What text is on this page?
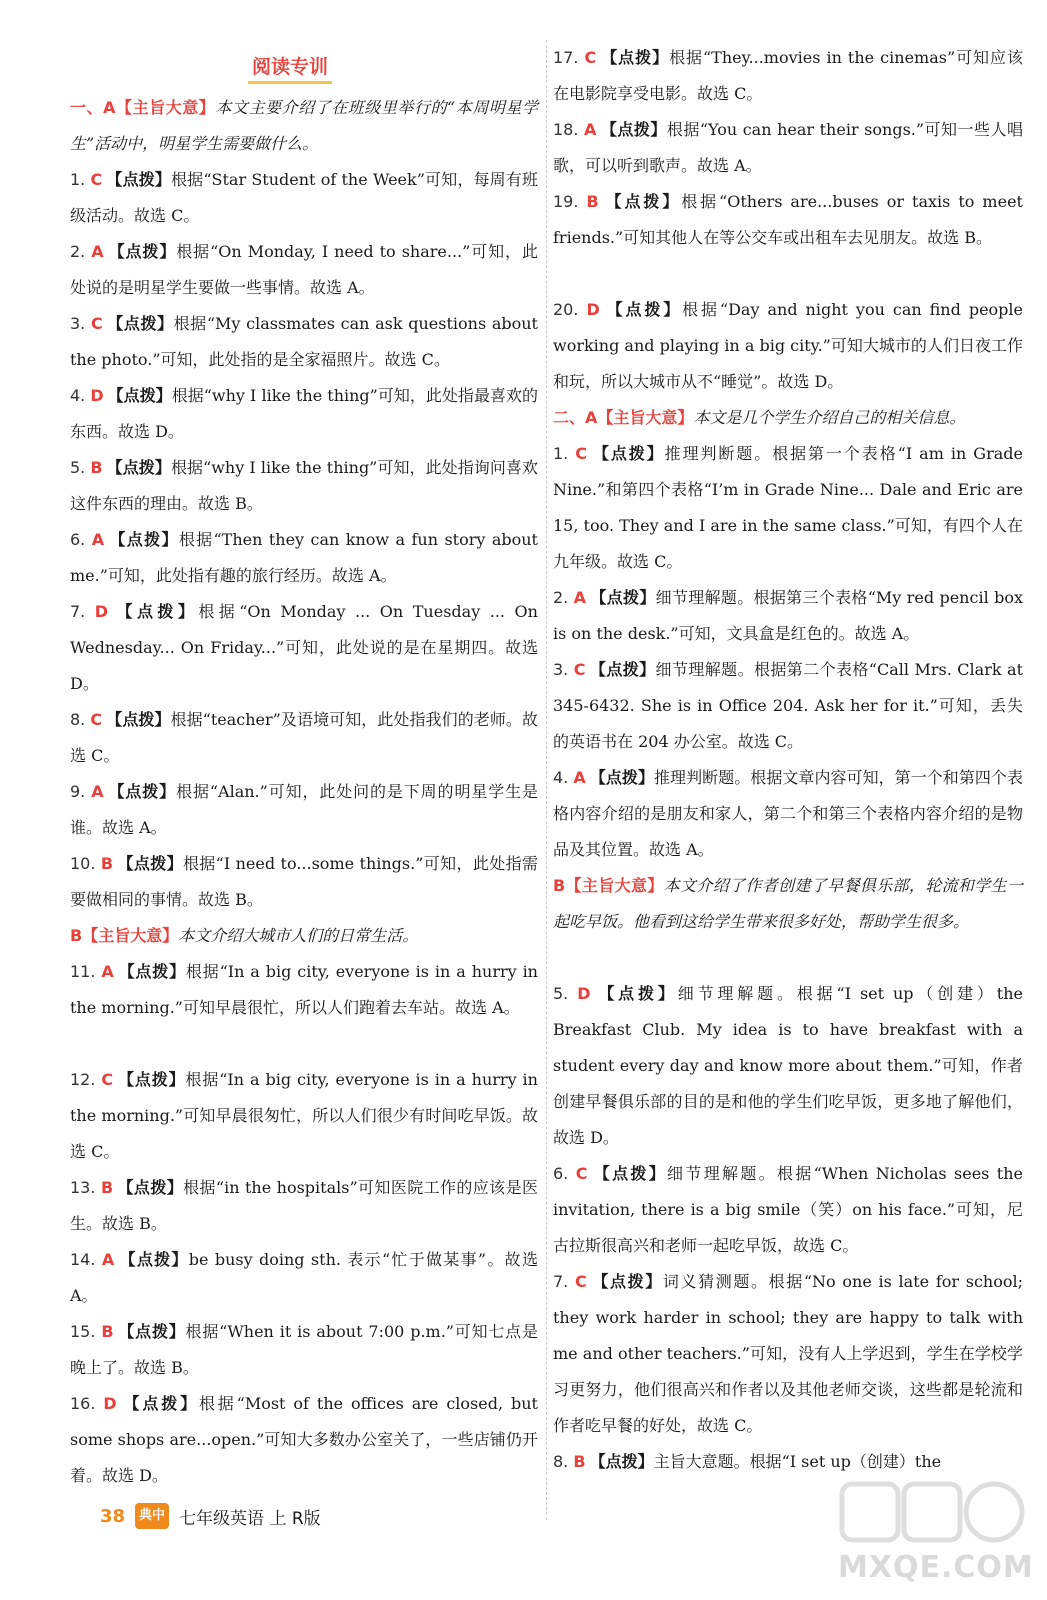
阅读专训
一、A【主旨大意】本文主要介绍了在班级里举行的“本周明星学生”活动中，明星学生需要做什么。
1. C 【点拨】根据“Star Student of the Week”可知，每周有班级活动。故选 C。
2. A 【点拨】根据“On Monday, I need to share...”可知，此处说的是明星学生要做一些事情。故选 A。
3. C 【点拨】根据“My classmates can ask questions about the photo.”可知，此处指的是全家福照片。故选 C。
4. D 【点拨】根据“why I like the thing”可知，此处指最喜欢的东西。故选 D。
5. B 【点拨】根据“why I like the thing”可知，此处指询问喜欢这件东西的理由。故选 B。
6. A 【点拨】根据“Then they can know a fun story about me.”可知，此处指有趣的旅行经历。故选 A。
7. D 【点拨】根据“On Monday ... On Tuesday ... On Wednesday... On Friday...”可知，此处说的是在星期四。故选 D。
8. C 【点拨】根据“teacher”及语境可知，此处指我们的老师。故选 C。
9. A 【点拨】根据“Alan.”可知，此处问的是下周的明星学生是谁。故选 A。
10. B 【点拨】根据“I need to...some things.”可知，此处指需要做相同的事情。故选 B。
B【主旨大意】本文介绍大城市人们的日常生活。
11. A 【点拨】根据“In a big city, everyone is in a hurry in the morning.”可知早晨很忙，所以人们跑着去车站。故选 A。
12. C 【点拨】根据“In a big city, everyone is in a hurry in the morning.”可知早晨很匆忙，所以人们很少有时间吃早饭。故选 C。
13. B 【点拨】根据“in the hospitals”可知医院工作的应该是医生。故选 B。
14. A 【点拨】be busy doing sth. 表示“忙于做某事”。故选 A。
15. B 【点拨】根据“When it is about 7:00 p.m.”可知七点是晚上了。故选 B。
16. D 【点拨】根据“Most of the offices are closed, but some shops are...open.”可知大多数办公室关了，一些店铺仍开着。故选 D。
17. C 【点拨】根据“They...movies in the cinemas”可知应该在电影院享受电影。故选 C。
18. A 【点拨】根据“You can hear their songs.”可知一些人唱歌，可以听到歌声。故选 A。
19. B 【点拨】根据“Others are...buses or taxis to meet friends.”可知其他人在等公交车或出租车去见朋友。故选 B。
20. D 【点拨】根据“Day and night you can find people working and playing in a big city.”可知大城市的人们日夜工作和玩，所以大城市从不“睡觉”。故选 D。
二、A【主旨大意】本文是几个学生介绍自己的相关信息。
1. C 【点拨】推理判断题。根据第一个表格“I am in Grade Nine.”和第四个表格“I’m in Grade Nine... Dale and Eric are 15, too. They and I are in the same class.”可知，有四个人在九年级。故选 C。
2. A 【点拨】细节理解题。根据第三个表格“My red pencil box is on the desk.”可知，文具盒是红色的。故选 A。
3. C 【点拨】细节理解题。根据第二个表格“Call Mrs. Clark at 345-6432. She is in Office 204. Ask her for it.”可知，丢失的英语书在 204 办公室。故选 C。
4. A 【点拨】推理判断题。根据文章内容可知，第一个和第四个表格内容介绍的是朋友和家人，第二个和第三个表格内容介绍的是物品及其位置。故选 A。
B【主旨大意】本文介绍了作者创建了早餐俱乐部，轮流和学生一起吃早饭。他看到这给学生带来很多好处，帮助学生很多。
5. D 【点拨】细节理解题。根据“I set up（创建）the Breakfast Club. My idea is to have breakfast with a student every day and know more about them.”可知，作者创建早餐俱乐部的目的是和他的学生们吃早饭，更多地了解他们，故选 D。
6. C 【点拨】细节理解题。根据“When Nicholas sees the invitation, there is a big smile（笑）on his face.”可知，尼古拉斯很高兴和老师一起吃早饭，故选 C。
7. C 【点拨】词义猜测题。根据“No one is late for school; they work harder in school; they are happy to talk with me and other teachers.”可知，没有人上学迟到，学生在学校学习更努力，他们很高兴和作者以及其他老师交谈，这些都是轮流和作者吃早餐的好处，故选 C。
8. B 【点拨】主旨大意题。根据“I set up（创建）the
38	典中点
七年级英语 上 R版
MXQE.COM
